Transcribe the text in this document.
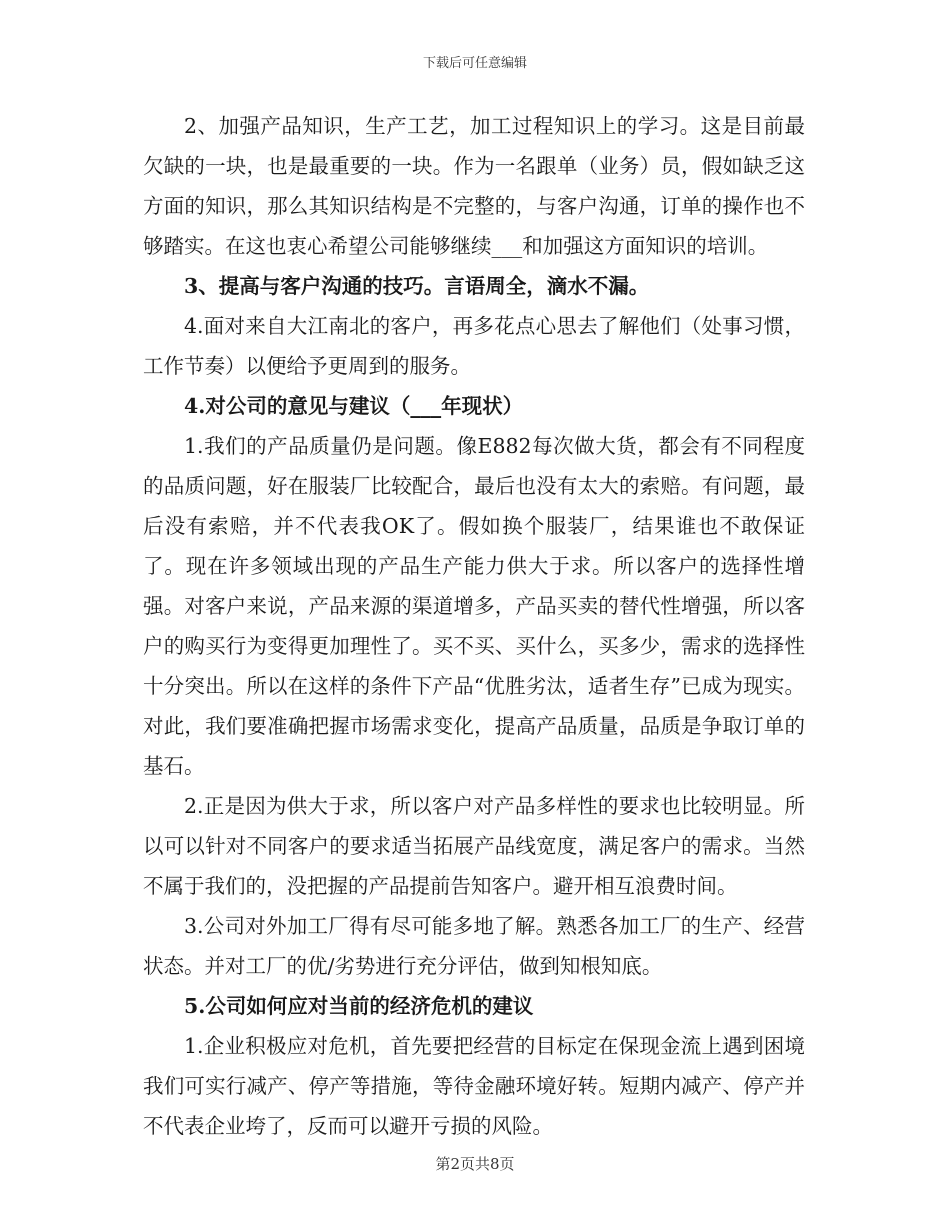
下载后可任意编辑

2、加强产品知识，生产工艺，加工过程知识上的学习。这是目前最欠缺的一块，也是最重要的一块。作为一名跟单（业务）员，假如缺乏这方面的知识，那么其知识结构是不完整的，与客户沟通，订单的操作也不够踏实。在这也衷心希望公司能够继续___和加强这方面知识的培训。

3、提高与客户沟通的技巧。言语周全，滴水不漏。

4.面对来自大江南北的客户，再多花点心思去了解他们（处事习惯，工作节奏）以便给予更周到的服务。

4.对公司的意见与建议（___年现状）

1.我们的产品质量仍是问题。像E882每次做大货，都会有不同程度的品质问题，好在服装厂比较配合，最后也没有太大的索赔。有问题，最后没有索赔，并不代表我OK了。假如换个服装厂，结果谁也不敢保证了。现在许多领域出现的产品生产能力供大于求。所以客户的选择性增强。对客户来说，产品来源的渠道增多，产品买卖的替代性增强，所以客户的购买行为变得更加理性了。买不买、买什么，买多少，需求的选择性十分突出。所以在这样的条件下产品“优胜劣汰，适者生存”已成为现实。对此，我们要准确把握市场需求变化，提高产品质量，品质是争取订单的基石。

2.正是因为供大于求，所以客户对产品多样性的要求也比较明显。所以可以针对不同客户的要求适当拓展产品线宽度，满足客户的需求。当然不属于我们的，没把握的产品提前告知客户。避开相互浪费时间。

3.公司对外加工厂得有尽可能多地了解。熟悉各加工厂的生产、经营状态。并对工厂的优/劣势进行充分评估，做到知根知底。

5.公司如何应对当前的经济危机的建议

1.企业积极应对危机，首先要把经营的目标定在保现金流上遇到困境我们可实行减产、停产等措施，等待金融环境好转。短期内减产、停产并不代表企业垮了，反而可以避开亏损的风险。

第2页共8页
